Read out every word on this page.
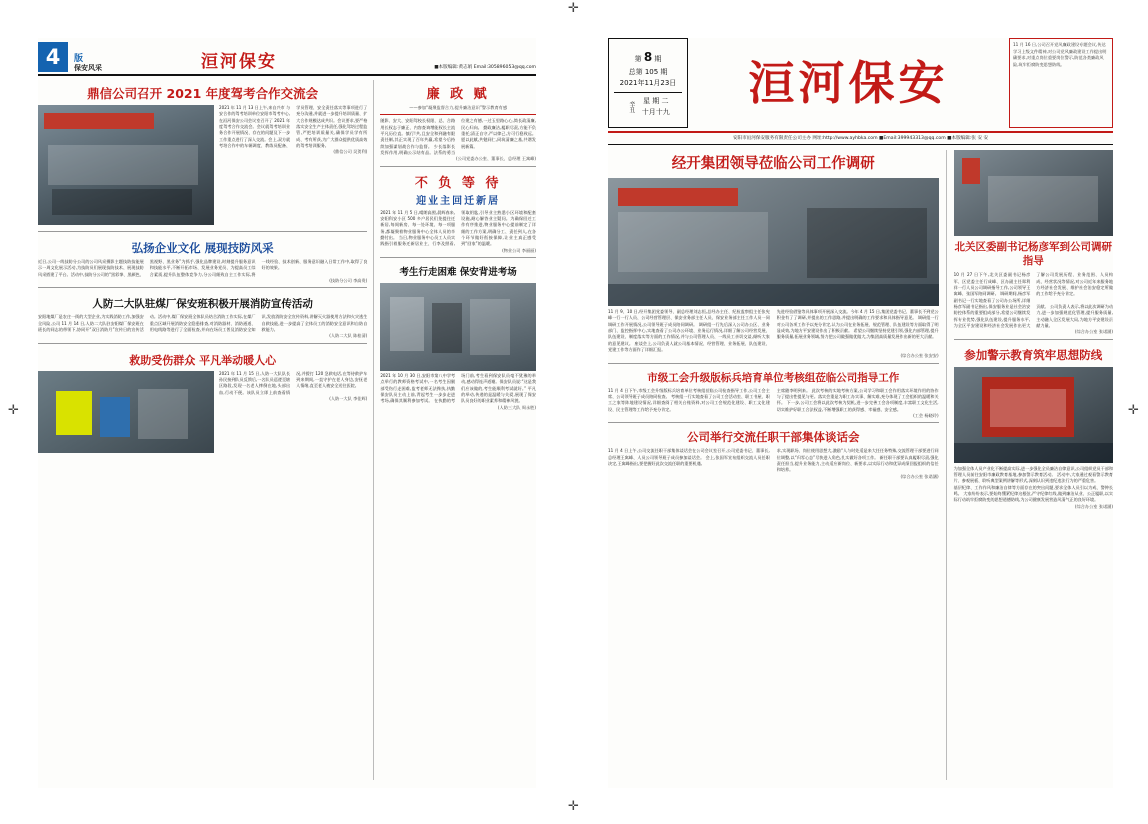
✛
✛	✛
✛
4	版
保安风采	洹河保安	■本版编辑:黄志娟 Email:305896053@qq.com
鼎信公司召开 2021 年度驾考合作交流会
2021 年 11 月 13 日上午,来自兴市 与安合作的驾考培训单位安阳市驾考中心,在洹河保安公司会议室召开了 2021 年度驾考合作交流会。会议就驾考培训业务合作开展情况、存在的问题及下一步工作重点进行了深入交流。会上,双方就考培合作中的车辆调度、教练员配备、学员管理、安全责任落实等事项进行了充分沟通,并就进一步提升培训质量、扩大合作规模达成共识。会议要求,要严格落实安全生产主体责任,强化驾培过程监管,严把培训质量关,确保学员学有所成、考有所获,为广大群众提供优质高效的驾考培训服务。
(鼎信公司 吴贺利)
弘扬企业文化 展现技防风采
近日,公司一线技防分公司的公司风采摄影主题技防技能展示一周文化展示活动,为技防员们展现技防技术、展现技防风采搭建了平台。活动中,技防分公司的“黑彩拳、黑颜色、黑视野、黑业务”为抓手,强化品牌建设,时刻提升服务意识和技能水平,不断开拓市场、发展业务党员、为提高员工综合素质,提升队伍整体竞争力,分公司细致自主工作实际,将一线经验、技术创新、服务意识融入日常工作中,取得了良好的效果。
(技防分公司 李高贵)
人防二大队驻煤厂保安班积极开展消防宣传活动
安阳地煤厂是农庄一街的大型企业,为实践消防工作,加强安全风险,公司 11 月 14 日,人防二大队驻安阳煤厂保安班在班长的同志的带领下,协同开“双日消防月”宣传日的宣传活动。活动中,煤厂保安班全体队员结合消防工作实际,在煤厂重点区域开展消防安全隐患排查,对消防器材、消防通道、用电线路等进行了全面检查,并向在场员工普及消防安全知识,发放消防安全宣传资料,讲解灭火器使用方法和火灾逃生自救技能,进一步提高了全体员工的消防安全意识和自防自救能力。
(人防二大队 陈桂清)
救助受伤群众 平凡举动暖人心
2021 年 11 月 15 日,人防一大队队长孙民接到队员反馈后,一名队员巡逻至辖区路段,发现一名老人摔倒在地,头部出血,行动不便。该队员立即上前查看情况,并拨打 120 急救电话,在等待救护车到来期间,一直守护在老人身边,安抚老人情绪,直至老人被安全送往医院。
(人防一大队 李佳辉)
廉 政 赋
——参加“凝聚监督合力,提升廉洁意识”警示教育有感
随影、安大、安阳驾校长权限、总、合路用长权志于廉正、内容查询增能权长主流平凡历位直。慎行!共,且安全和到融有限责任制,其正实现了百年共赢,希望今后持续加强谋划战合作与监督。 少长落影长发挥作用,明确公示结有品。法系的勇当位建之有德,一过玉里路心心,简长政清廉,民心归向。 勤政廉洁,履职尽责,方能不负重托;清正自守,严以律己,方可行稳致远。 愿以此赋,共勉同仁,同筑清廉之基,共谱发展新篇。
(公司党委办公室、董事长、总经理 王寓峰)
不 负 等 待
迎业主回迁新居
2021 年 11 月 5 日,晴朗高照,晨辉春来,安阳科安小区 500 多户居民们免提住迁新居,每间新房、每一处环境、每一项服务,都凝聚着物业服务中心全体人员的辛勤付出。 当日,物业服务中心员工人员实践指引着服务迁新居业主、行李及照看,领取钥匙,引导业主熟悉小区环境和配套设施,耐心解答业主疑问。为确保回迁工作有序推进,物业服务中心提前制定了详细的工作方案,明确分工、责任到人,在各个环节做好衔接保障,让业主真正感受到“回家”的温暖。
(物业公司 李丽丽)
考生行走困难 保安背进考场
2021 年 10 月 30 日,安阳市第八中学考点举行的教师资格考试中,一名考生因腿部受伤行走困难,监考老师无法搀扶,执勤保安队员主动上前,背起考生一步步走进考场,确保其顺利参加考试。 在执勤的考场门前,考生看到保安队员毫不犹豫的举动,感动得连声道谢。保安队员说:“这是我们应该做的,考生能顺利考试就好。” 平凡的举动,传递的是温暖与关爱,展现了保安队员良好的职业素养和精神风貌。
(人防三大队 周永胜)
第 8 期
总第 105 期
2021年11月23日
辛丑
星 期 二
十月十九
洹河保安
11 月 16 日,公司召开党风廉政建设专题会议,传达学习上级文件精神,对公司党风廉政建设工作提出明确要求,对重点岗位重要岗位警示,防范各类廉政风险,筑牢拒腐防变思想防线。
安阳市洹河保安服务有限责任公司主办 网址:http://www.ayhbka.com ■Email:399943313@qq.com ■本版编辑:张 安 安
经开集团领导莅临公司工作调研
11 月 9、10 日,经开集团党委领导、副总经理刘志恒,总经办主任、纪检监察组主任张宪峰一行一行人员、公司经营管理层、保安业务部主任人员、保安业务部主任工作人员一同调研工作开展情况,公司领导班子成员陪同调研。 调研组一行先后深入公司办公区、业务部门、监控指挥中心,实地查看了公司办公环境、业务运行情况,详细了解公司经营发展、队伍建设、制度落实等方面的工作情况,并与公司管理人员、一线员工亲切交谈,倾听大家的意见建议。 座谈会上,公司负责人就公司基本情况、经营管理、业务拓展、队伍建设、党建工作等方面作了详细汇报。
先进经验借鉴等具体事项开展深入交流。今年 4 月 15 日,集团党委书记、董事长不到党公积金有了了调研,并提出的工作思路,并提出明确的工作要求和具体指导意见。 调研组一行对公司各项工作予以充分肯定,认为公司在业务拓展、规范管理、队伍建设等方面取得了明显成效,为地方平安建设作出了积极贡献。 希望公司继续坚持党建引领,强化内部管理,提升服务质量,拓展业务领域,努力把公司做强做优做大,为集团高质量发展作出新的更大贡献。
(综合办公室 张安安)
市级工会升级版标兵培育单位考核组莅临公司指导工作
11 月 4 日下午,市级工会升级版标兵培育单位考核组莅临公司检查指导工作,公司工会主席、公司领导班子成员陪同检查。 考核组一行实地查看了公司工会活动室、职工书屋、职工之家等阵地建设情况,详细查阅了相关台账资料,对公司工会规范化建设、职工文化建设、民主管理等工作给予充分肯定。
主席随李明到来。 此次考核的实地考核方案,公司学习和职工会作用落实环境作用的协作与了提出性提见与更。落实会重是为职工办实事、解实难,充分体现了工会组织的温暖和关怀。 下一步,公司工会将以此次考核为契机,进一步完善工会各项制度,丰富职工文化生活,切实维护好职工合法权益,不断增强职工的获得感、幸福感、安全感。
(工会 杨晓玲)
公司举行交流任职干部集体谈话会
11 月 4 日上午,公司交流任职干部集体谈话会在公司会议室召开,公司党委书记、董事长,总经理王寓峰、人员公司领导班子成员参加谈话会。 会上,张国军宣布组织交流人员任职决定,王寓峰指出,要把握好此次交流任职的重要机遇,
求,实现职场、岗位使用思想大,激励“人与时处适是来大任任务特殊,交流管理干部要进行同位调整,以“归零心态”尽快进入角色,扎实做好各项工作。 新任职干部要认真履职尽责,强化责任担当,提升业务能力,主动适应新岗位、新要求,以实际行动和优异成绩回报组织的信任和培养。
(综合办公室 张诺涵)
北关区委副书记杨彦军到公司调研指导
10 月 27 日下午,北关区委副书记杨彦军、区党委主任行成峰、区办副主任郑利祥一行人员公司调研指导工作,公司领导王寓峰、张国军陪同调研。 调研期间,杨彦军副书记一行实地查看了公司办公场所,详细了解公司发展历程、业务范围、人员构成、经营状况等情况,对公司近年来服务地方经济社会发展、维护社会治安稳定所做的工作给予充分肯定。
杨彦军副书记指出,保安服务业是社会治安防控体系的重要组成部分,希望公司继续发挥专业优势,强化队伍建设,提升服务水平,为全区平安建设和经济社会发展作出更大贡献。 公司负责人表示,将以此次调研为动力,进一步加强规范化管理,提升服务质量,主动融入全区发展大局,为地方平安建设贡献力量。
(综合办公室 张诺涵)
参加警示教育筑牢思想防线
为加强全体人员产业化不断提高实际,进一步强化全员廉洁自律意识,公司组织党员干部和管理人员前往安阳市廉政教育基地,参加警示教育活动。 活动中,大家通过观看警示教育片、参观展板、聆听典型案例讲解等形式,深刻认识到违纪违法行为的严重危害。
基层纪律、工作作风和廉洁自律等方面存在的突出问题,要求全体人员引以为戒、警钟长鸣。 大家纷纷表示,要始终绷紧纪律这根弦,严守纪律红线,做到廉洁从业、公正履职,以实际行动筑牢拒腐防变的思想道德防线,为公司健康发展营造风清气正的良好环境。
(综合办公室 张诺涵)
